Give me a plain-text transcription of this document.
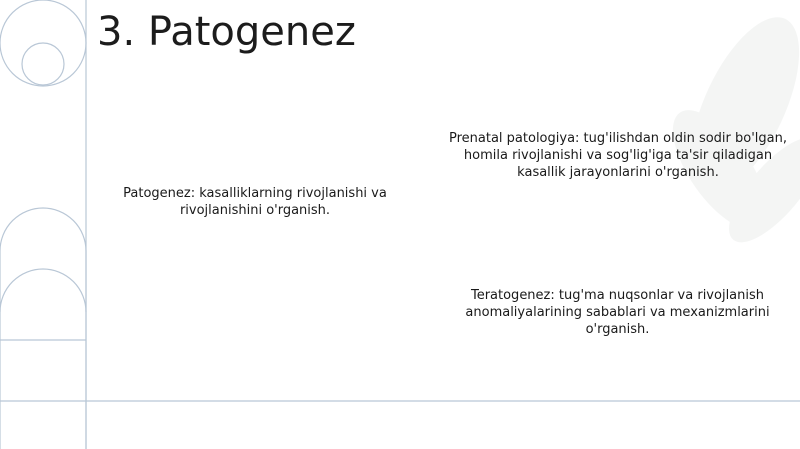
3. Patogenez
Patogenez: kasalliklarning rivojlanishi va rivojlanishini o'rganish.
Prenatal patologiya: tug'ilishdan oldin sodir bo'lgan, homila rivojlanishi va sog'lig'iga ta'sir qiladigan kasallik jarayonlarini o'rganish.
Teratogenez: tug'ma nuqsonlar va rivojlanish anomaliyalarining sabablari va mexanizmlarini o'rganish.
